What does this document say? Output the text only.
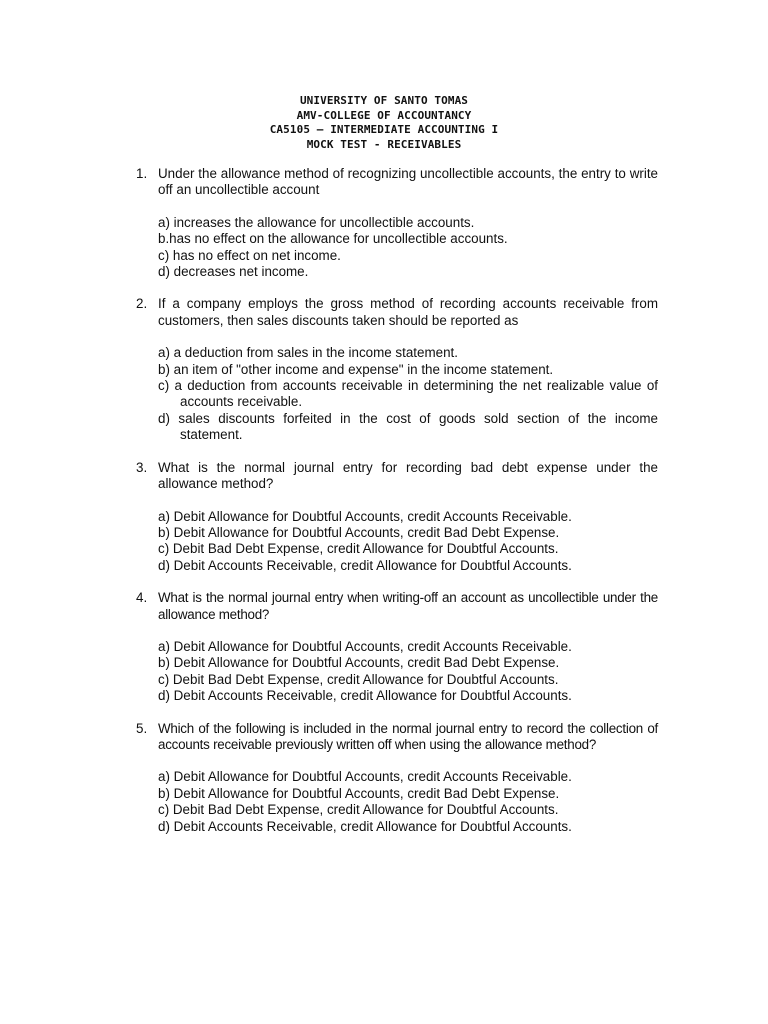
UNIVERSITY OF SANTO TOMAS
AMV-COLLEGE OF ACCOUNTANCY
CA5105 – INTERMEDIATE ACCOUNTING I
MOCK TEST - RECEIVABLES
1. Under the allowance method of recognizing uncollectible accounts, the entry to write off an uncollectible account
a) increases the allowance for uncollectible accounts.
b.has no effect on the allowance for uncollectible accounts.
c) has no effect on net income.
d) decreases net income.
2. If a company employs the gross method of recording accounts receivable from customers, then sales discounts taken should be reported as
a) a deduction from sales in the income statement.
b) an item of "other income and expense" in the income statement.
c) a deduction from accounts receivable in determining the net realizable value of accounts receivable.
d) sales discounts forfeited in the cost of goods sold section of the income statement.
3. What is the normal journal entry for recording bad debt expense under the allowance method?
a) Debit Allowance for Doubtful Accounts, credit Accounts Receivable.
b) Debit Allowance for Doubtful Accounts, credit Bad Debt Expense.
c) Debit Bad Debt Expense, credit Allowance for Doubtful Accounts.
d) Debit Accounts Receivable, credit Allowance for Doubtful Accounts.
4. What is the normal journal entry when writing-off an account as uncollectible under the allowance method?
a) Debit Allowance for Doubtful Accounts, credit Accounts Receivable.
b) Debit Allowance for Doubtful Accounts, credit Bad Debt Expense.
c) Debit Bad Debt Expense, credit Allowance for Doubtful Accounts.
d) Debit Accounts Receivable, credit Allowance for Doubtful Accounts.
5. Which of the following is included in the normal journal entry to record the collection of accounts receivable previously written off when using the allowance method?
a) Debit Allowance for Doubtful Accounts, credit Accounts Receivable.
b) Debit Allowance for Doubtful Accounts, credit Bad Debt Expense.
c) Debit Bad Debt Expense, credit Allowance for Doubtful Accounts.
d) Debit Accounts Receivable, credit Allowance for Doubtful Accounts.
